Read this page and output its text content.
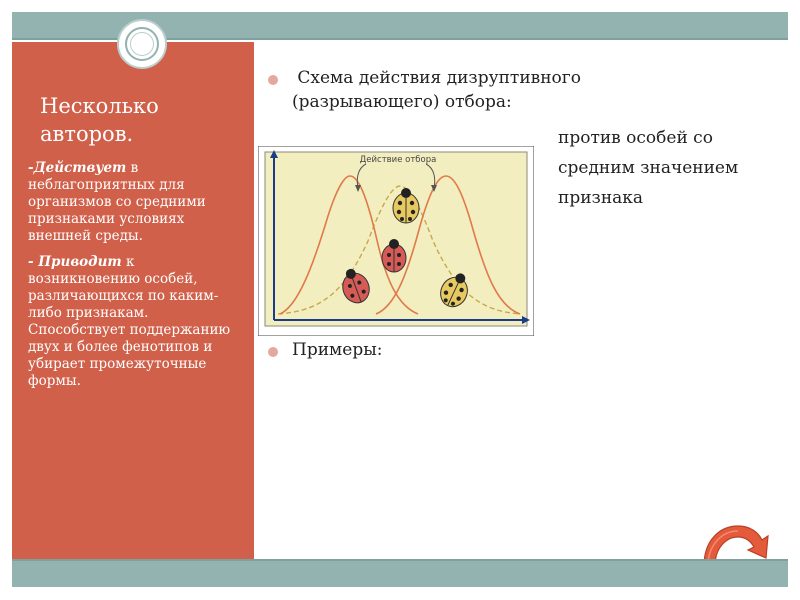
Несколько авторов.

-Действует в неблагоприятных для организмов со средними признаками условиях внешней среды.

- Приводит к возникновению особей, различающихся по каким-либо признакам. Способствует поддержанию двух и более фенотипов и убирает промежуточные формы.

Схема действия дизруптивного
(разрывающего) отбора:
против особей со
средним значением
признака
Действие отбора
Примеры:
